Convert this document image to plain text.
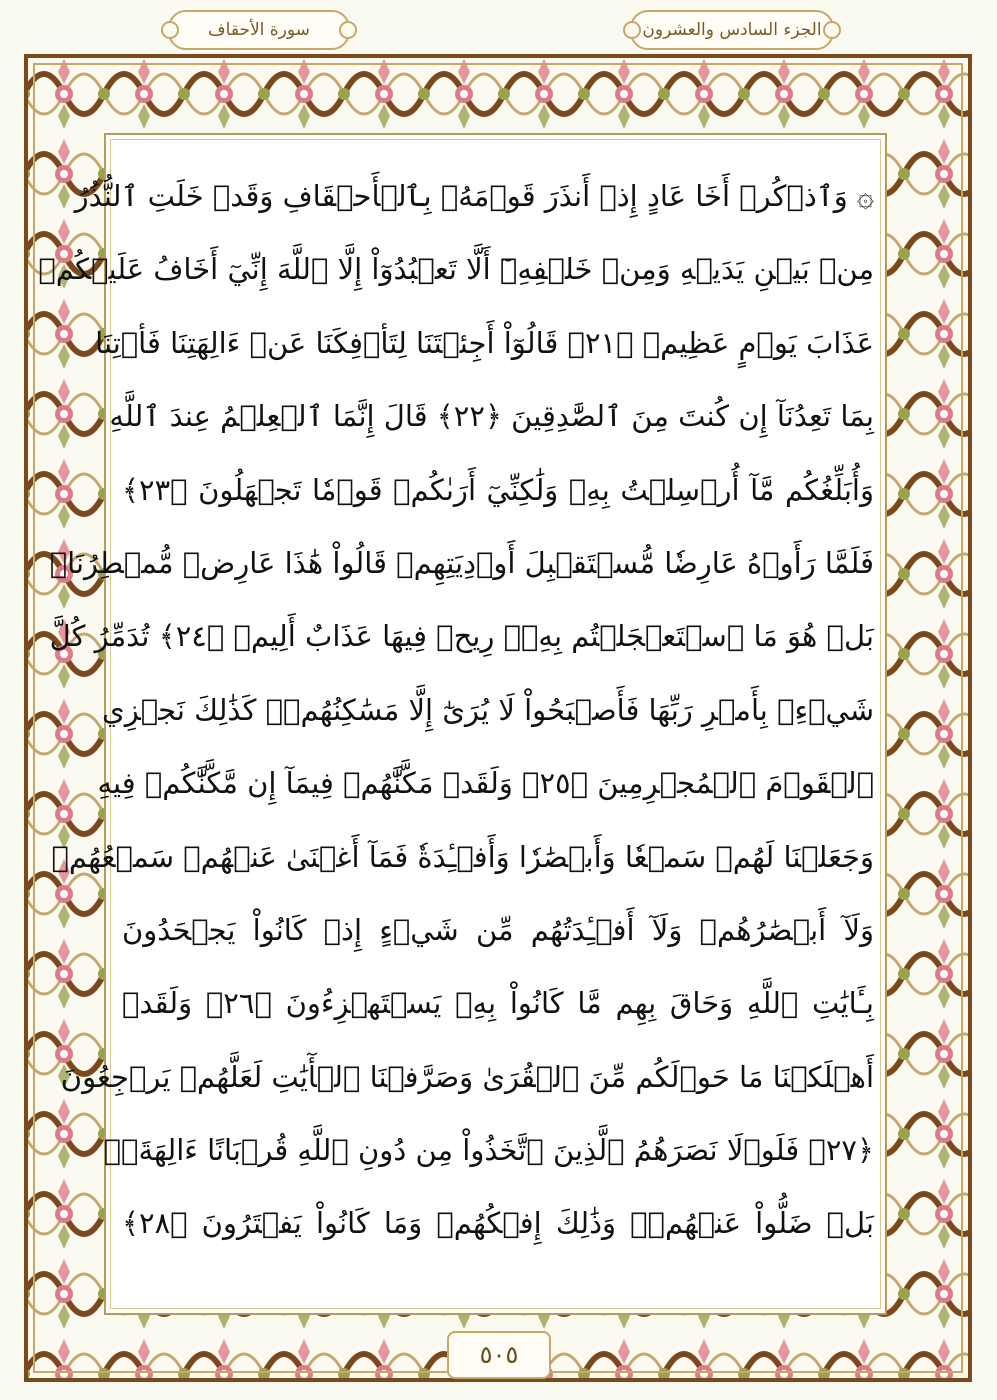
سورة الأحقاف	الجزء السادس والعشرون
۞ وَٱذۡكُرۡ أَخَا عَادٍ إِذۡ أَنذَرَ قَوۡمَهُۥ بِٱلۡأَحۡقَافِ وَقَدۡ خَلَتِ ٱلنُّذُرُ
مِنۢ بَيۡنِ يَدَيۡهِ وَمِنۡ خَلۡفِهِۦٓ أَلَّا تَعۡبُدُوٓاْ إِلَّا ٱللَّهَ إِنِّيٓ أَخَافُ عَلَيۡكُمۡ
عَذَابَ يَوۡمٍ عَظِيمٖ ﴿٢١﴾ قَالُوٓاْ أَجِئۡتَنَا لِتَأۡفِكَنَا عَنۡ ءَالِهَتِنَا فَأۡتِنَا
بِمَا تَعِدُنَآ إِن كُنتَ مِنَ ٱلصَّٰدِقِينَ ﴿٢٢﴾ قَالَ إِنَّمَا ٱلۡعِلۡمُ عِندَ ٱللَّهِ
وَأُبَلِّغُكُم مَّآ أُرۡسِلۡتُ بِهِۦ وَلَٰكِنِّيٓ أَرَىٰكُمۡ قَوۡمٗا تَجۡهَلُونَ ﴿٢٣﴾
فَلَمَّا رَأَوۡهُ عَارِضٗا مُّسۡتَقۡبِلَ أَوۡدِيَتِهِمۡ قَالُواْ هَٰذَا عَارِضٞ مُّمۡطِرُنَاۚ
بَلۡ هُوَ مَا ٱسۡتَعۡجَلۡتُم بِهِۦۖ رِيحٞ فِيهَا عَذَابٌ أَلِيمٞ ﴿٢٤﴾ تُدَمِّرُ كُلَّ
شَيۡءِۭ بِأَمۡرِ رَبِّهَا فَأَصۡبَحُواْ لَا يُرَىٰٓ إِلَّا مَسَٰكِنُهُمۡۚ كَذَٰلِكَ نَجۡزِي
ٱلۡقَوۡمَ ٱلۡمُجۡرِمِينَ ﴿٢٥﴾ وَلَقَدۡ مَكَّنَّٰهُمۡ فِيمَآ إِن مَّكَّنَّٰكُمۡ فِيهِ
وَجَعَلۡنَا لَهُمۡ سَمۡعٗا وَأَبۡصَٰرٗا وَأَفۡـِٔدَةٗ فَمَآ أَغۡنَىٰ عَنۡهُمۡ سَمۡعُهُمۡ
وَلَآ أَبۡصَٰرُهُمۡ وَلَآ أَفۡـِٔدَتُهُم مِّن شَيۡءٍ إِذۡ كَانُواْ يَجۡحَدُونَ
بِـَٔايَٰتِ ٱللَّهِ وَحَاقَ بِهِم مَّا كَانُواْ بِهِۦ يَسۡتَهۡزِءُونَ ﴿٢٦﴾ وَلَقَدۡ
أَهۡلَكۡنَا مَا حَوۡلَكُم مِّنَ ٱلۡقُرَىٰ وَصَرَّفۡنَا ٱلۡأٓيَٰتِ لَعَلَّهُمۡ يَرۡجِعُونَ
﴿٢٧﴾ فَلَوۡلَا نَصَرَهُمُ ٱلَّذِينَ ٱتَّخَذُواْ مِن دُونِ ٱللَّهِ قُرۡبَانًا ءَالِهَةَۢۖ
بَلۡ ضَلُّواْ عَنۡهُمۡۚ وَذَٰلِكَ إِفۡكُهُمۡ وَمَا كَانُواْ يَفۡتَرُونَ ﴿٢٨﴾
٥٠٥
